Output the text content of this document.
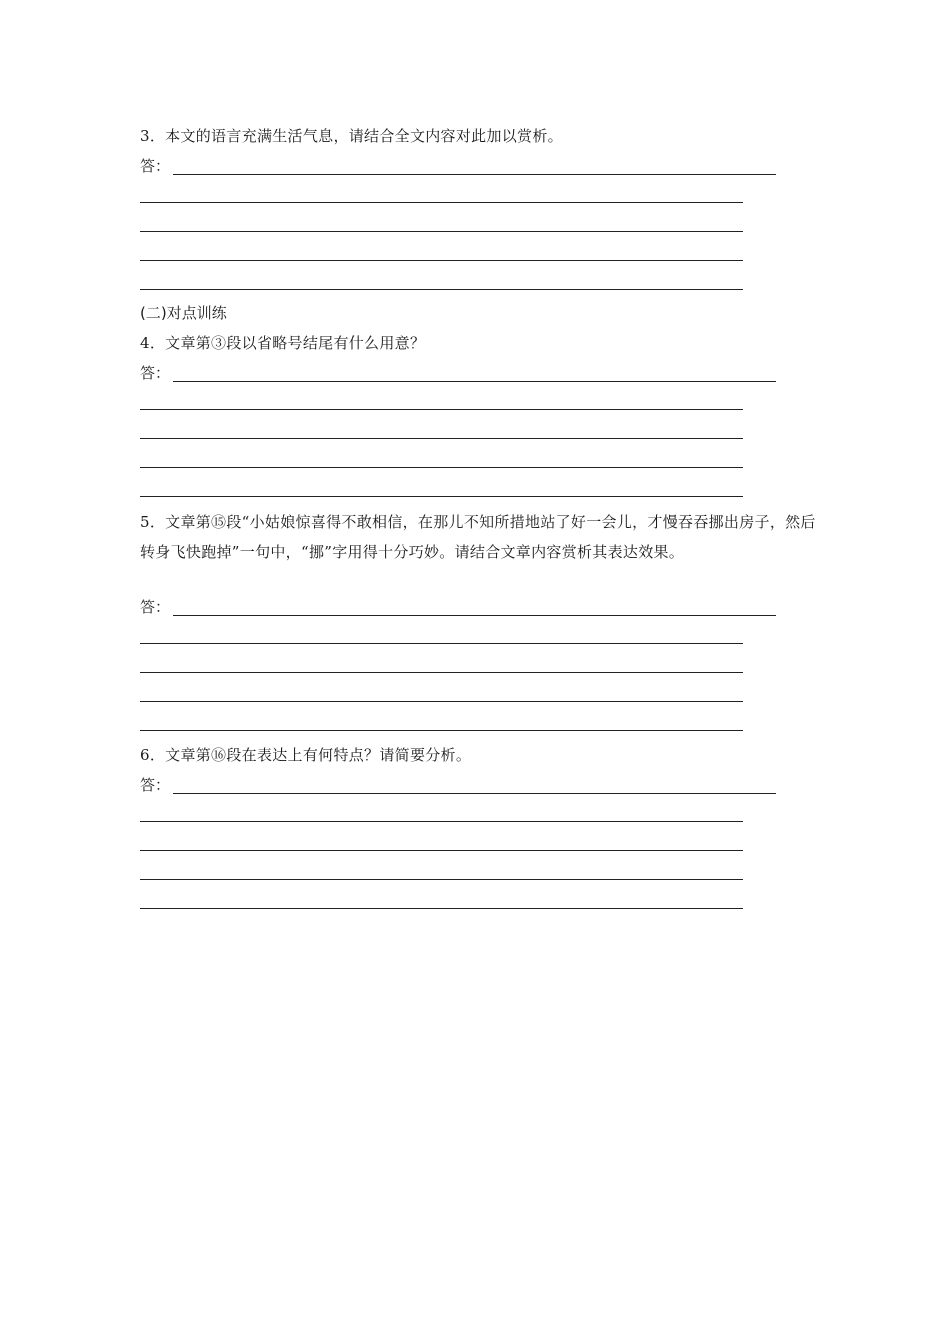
3．本文的语言充满生活气息，请结合全文内容对此加以赏析。
答：
(二)对点训练
4．文章第③段以省略号结尾有什么用意？
答：
5．文章第⑮段“小姑娘惊喜得不敢相信，在那儿不知所措地站了好一会儿，才慢吞吞挪出房子，然后转身飞快跑掉”一句中，“挪”字用得十分巧妙。请结合文章内容赏析其表达效果。
答：
6．文章第⑯段在表达上有何特点？请简要分析。
答：
